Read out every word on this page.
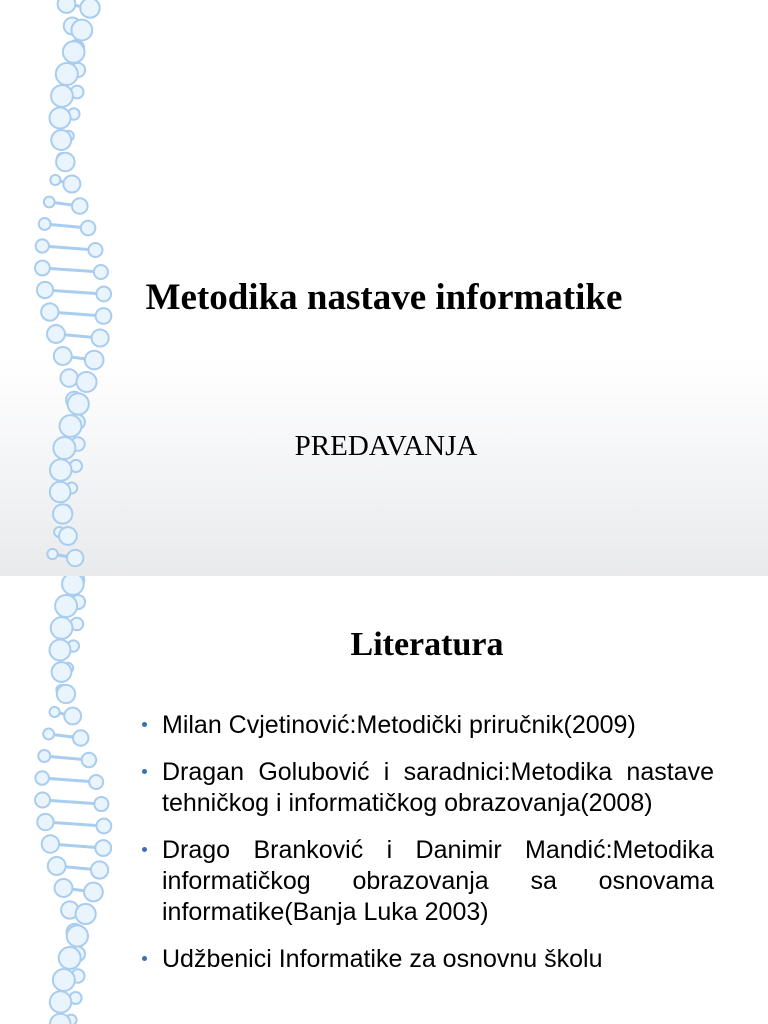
Metodika nastave informatike
PREDAVANJA
Literatura
Milan Cvjetinović:Metodički priručnik(2009)
Dragan Golubović i saradnici:Metodika nastave tehničkog i informatičkog obrazovanja(2008)
Drago Branković i Danimir Mandić:Metodika informatičkog obrazovanja sa osnovama informatike(Banja Luka 2003)
Udžbenici Informatike za osnovnu školu
